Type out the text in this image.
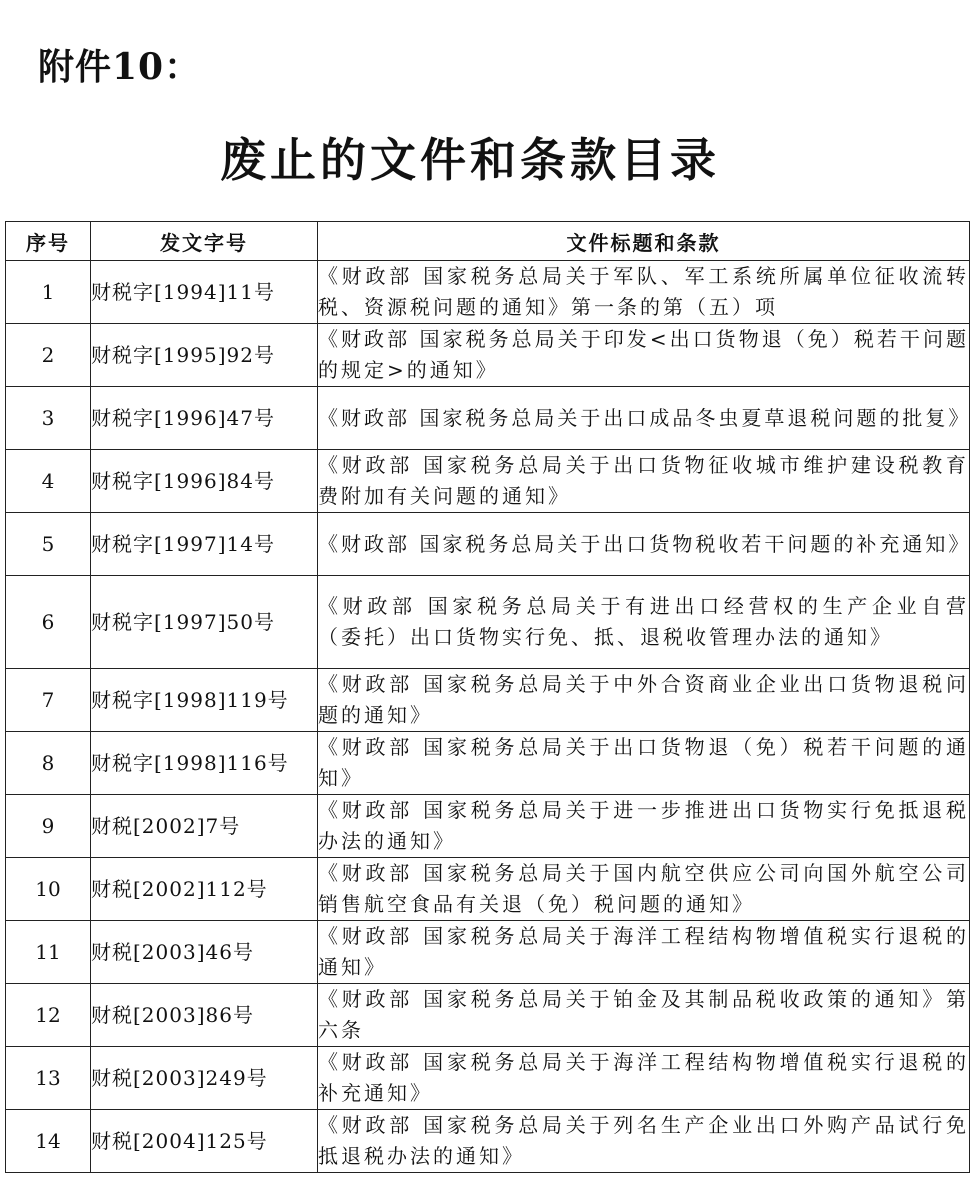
附件10：
废止的文件和条款目录
序号	发文字号	文件标题和条款
1	财税字[1994]11号	《财政部 国家税务总局关于军队、军工系统所属单位征收流转税、资源税问题的通知》第一条的第（五）项
2	财税字[1995]92号	《财政部 国家税务总局关于印发<出口货物退（免）税若干问题的规定>的通知》
3	财税字[1996]47号	《财政部 国家税务总局关于出口成品冬虫夏草退税问题的批复》
4	财税字[1996]84号	《财政部 国家税务总局关于出口货物征收城市维护建设税教育费附加有关问题的通知》
5	财税字[1997]14号	《财政部 国家税务总局关于出口货物税收若干问题的补充通知》
6	财税字[1997]50号	《财政部 国家税务总局关于有进出口经营权的生产企业自营（委托）出口货物实行免、抵、退税收管理办法的通知》
7	财税字[1998]119号	《财政部 国家税务总局关于中外合资商业企业出口货物退税问题的通知》
8	财税字[1998]116号	《财政部 国家税务总局关于出口货物退（免）税若干问题的通知》
9	财税[2002]7号	《财政部 国家税务总局关于进一步推进出口货物实行免抵退税办法的通知》
10	财税[2002]112号	《财政部 国家税务总局关于国内航空供应公司向国外航空公司销售航空食品有关退（免）税问题的通知》
11	财税[2003]46号	《财政部 国家税务总局关于海洋工程结构物增值税实行退税的通知》
12	财税[2003]86号	《财政部 国家税务总局关于铂金及其制品税收政策的通知》第六条
13	财税[2003]249号	《财政部 国家税务总局关于海洋工程结构物增值税实行退税的补充通知》
14	财税[2004]125号	《财政部 国家税务总局关于列名生产企业出口外购产品试行免抵退税办法的通知》
